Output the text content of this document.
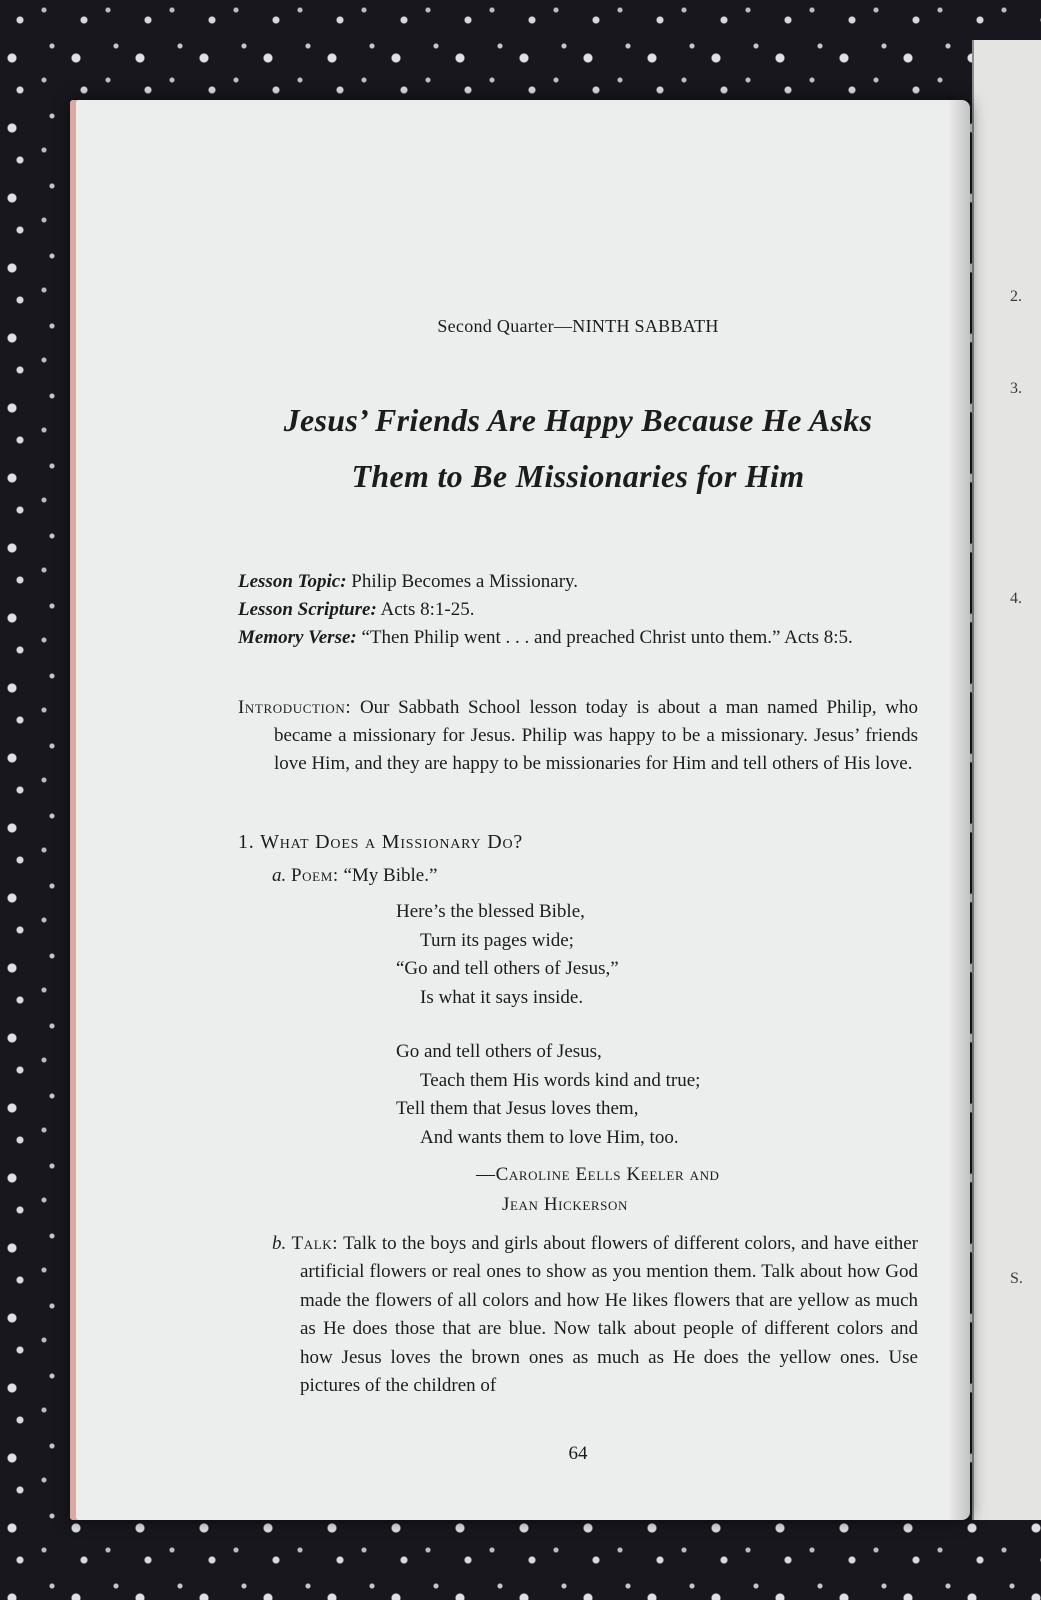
2.
3.
4.
S.
Second Quarter—NINTH SABBATH
Jesus’ Friends Are Happy Because He Asks
Them to Be Missionaries for Him
Lesson Topic: Philip Becomes a Missionary.
Lesson Scripture: Acts 8:1-25.
Memory Verse: “Then Philip went . . . and preached Christ unto them.” Acts 8:5.
Introduction: Our Sabbath School lesson today is about a man named Philip, who became a missionary for Jesus. Philip was happy to be a missionary. Jesus’ friends love Him, and they are happy to be missionaries for Him and tell others of His love.
1. What Does a Missionary Do?
a. Poem: “My Bible.”
Here’s the blessed Bible,
Turn its pages wide;
“Go and tell others of Jesus,”
Is what it says inside.
Go and tell others of Jesus,
Teach them His words kind and true;
Tell them that Jesus loves them,
And wants them to love Him, too.
—Caroline Eells Keeler and
Jean Hickerson
b. Talk: Talk to the boys and girls about flowers of different colors, and have either artificial flowers or real ones to show as you mention them. Talk about how God made the flowers of all colors and how He likes flowers that are yellow as much as He does those that are blue. Now talk about people of different colors and how Jesus loves the brown ones as much as He does the yellow ones. Use pictures of the children of
64
